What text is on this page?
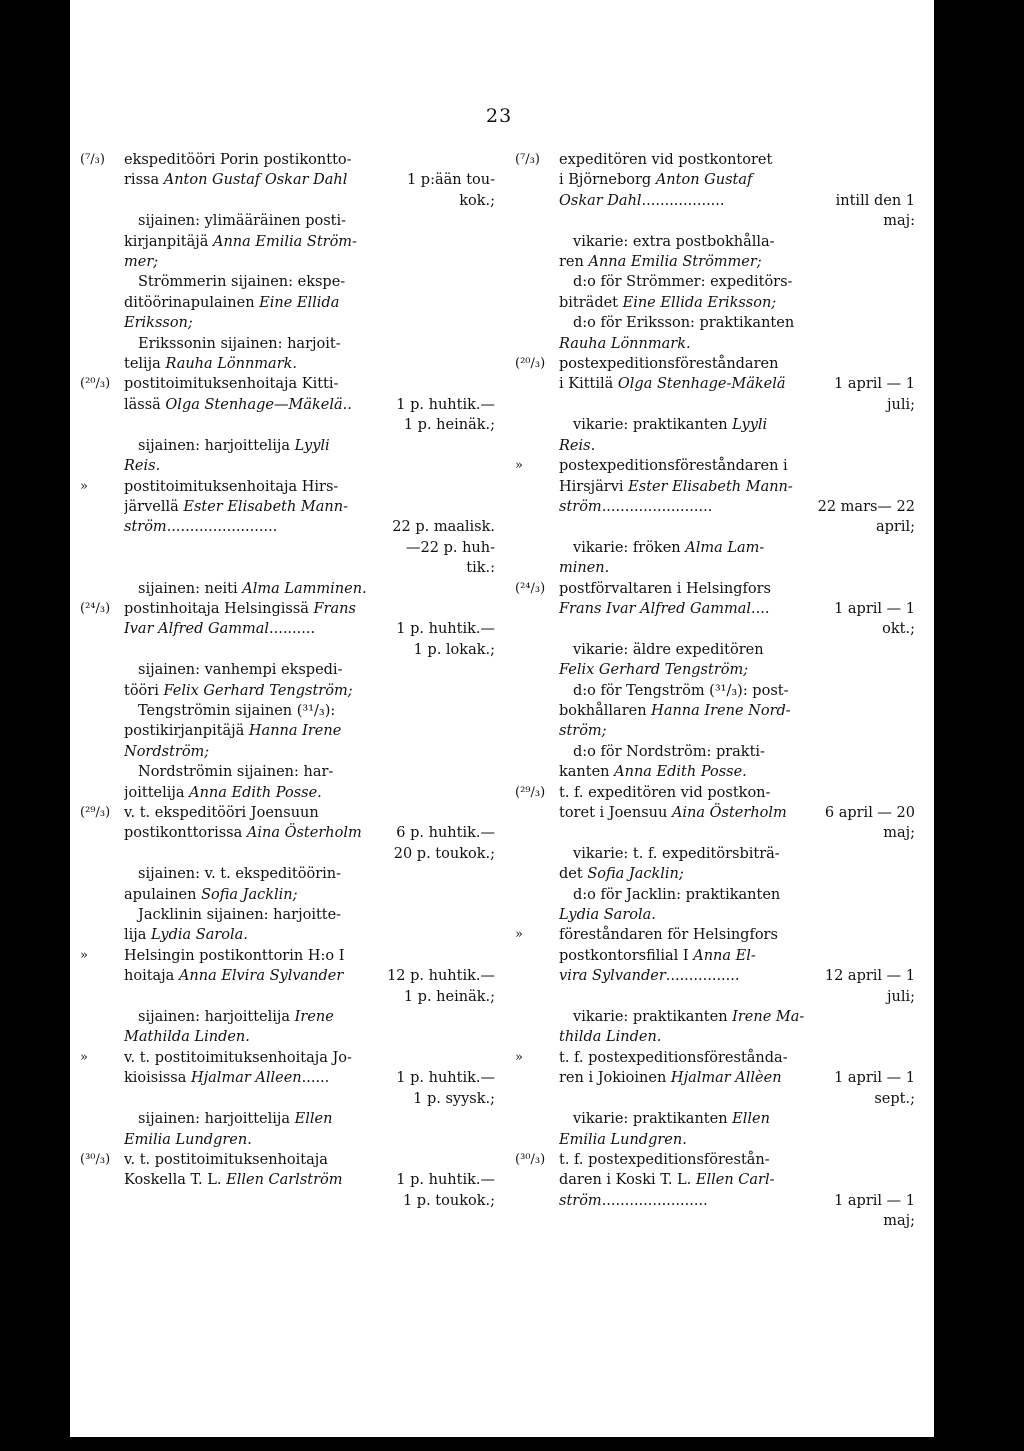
23
(⁷/₃) ekspeditööri Porin postikontto-
rissa Anton Gustaf Oskar Dahl	1 p:ään tou-
kok.;
sijainen: ylimääräinen posti-
kirjanpitäjä Anna Emilia Ström-
mer;
Strömmerin sijainen: ekspe-
ditöörinapulainen Eine Ellida
Eriksson;
Erikssonin sijainen: harjoit-
telija Rauha Lönnmark.
(²⁰/₃) postitoimituksenhoitaja Kitti-
lässä Olga Stenhage—Mäkelä..	1 p. huhtik.—
1 p. heinäk.;
sijainen: harjoittelija Lyyli
Reis.
» postitoimituksenhoitaja Hirs-
järvellä Ester Elisabeth Mann-
ström........................	22 p. maalisk.
—22 p. huh-
tik.:
sijainen: neiti Alma Lamminen.
(²⁴/₃) postinhoitaja Helsingissä Frans
Ivar Alfred Gammal..........	1 p. huhtik.—
1 p. lokak.;
sijainen: vanhempi ekspedi-
tööri Felix Gerhard Tengström;
Tengströmin sijainen (³¹/₃):
postikirjanpitäjä Hanna Irene
Nordström;
Nordströmin sijainen: har-
joittelija Anna Edith Posse.
(²⁹/₃) v. t. ekspeditööri Joensuun
postikonttorissa Aina Österholm 6 p. huhtik.—
20 p. toukok.;
sijainen: v. t. ekspeditöörin-
apulainen Sofia Jacklin;
Jacklinin sijainen: harjoitte-
lija Lydia Sarola.
» Helsingin postikonttorin H:o I
hoitaja Anna Elvira Sylvander	12 p. huhtik.—
1 p. heinäk.;
sijainen: harjoittelija Irene
Mathilda Linden.
» v. t. postitoimituksenhoitaja Jo-
kioisissa Hjalmar Alleen......	1 p. huhtik.—
1 p. syysk.;
sijainen: harjoittelija Ellen
Emilia Lundgren.
(³⁰/₃) v. t. postitoimituksenhoitaja
Koskella T. L. Ellen Carlström	1 p. huhtik.—
1 p. toukok.;
(⁷/₃) expeditören vid postkontoret
i Björneborg Anton Gustaf
Oskar Dahl..................	intill den 1
maj:
vikarie: extra postbokhålla-
ren Anna Emilia Strömmer;
d:o för Strömmer: expeditörs-
biträdet Eine Ellida Eriksson;
d:o för Eriksson: praktikanten
Rauha Lönnmark.
(²⁰/₃) postexpeditionsföreståndaren
i Kittilä Olga Stenhage-Mäkelä	1 april — 1
juli;
vikarie: praktikanten Lyyli
Reis.
» postexpeditionsföreståndaren i
Hirsjärvi Ester Elisabeth Mann-
ström........................	22 mars— 22
april;
vikarie: fröken Alma Lam-
minen.
(²⁴/₃) postförvaltaren i Helsingfors
Frans Ivar Alfred Gammal....	1 april — 1
okt.;
vikarie: äldre expeditören
Felix Gerhard Tengström;
d:o för Tengström (³¹/₃): post-
bokhållaren Hanna Irene Nord-
ström;
d:o för Nordström: prakti-
kanten Anna Edith Posse.
(²⁹/₃) t. f. expeditören vid postkon-
toret i Joensuu Aina Österholm	6 april — 20
maj;
vikarie: t. f. expeditörsbiträ-
det Sofia Jacklin;
d:o för Jacklin: praktikanten
Lydia Sarola.
» föreståndaren för Helsingfors
postkontorsfilial I Anna El-
vira Sylvander................	12 april — 1
juli;
vikarie: praktikanten Irene Ma-
thilda Linden.
» t. f. postexpeditionsförestånda-
ren i Jokioinen Hjalmar Allèen	1 april — 1
sept.;
vikarie: praktikanten Ellen
Emilia Lundgren.
(³⁰/₃) t. f. postexpeditionsförestån-
daren i Koski T. L. Ellen Carl-
ström.......................	1 april — 1
maj;
